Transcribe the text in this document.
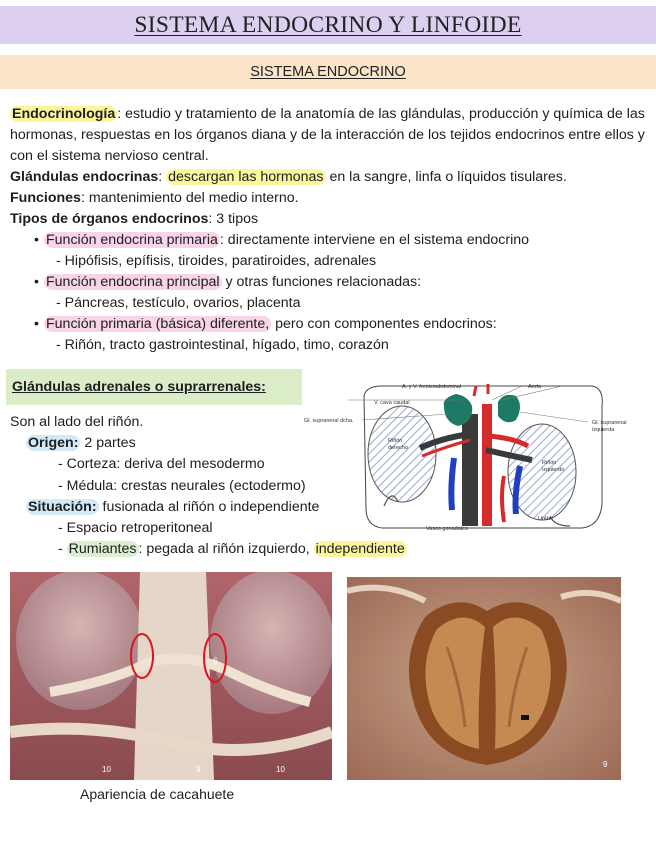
SISTEMA ENDOCRINO Y LINFOIDE
SISTEMA ENDOCRINO

Endocrinología : estudio y tratamiento de la anatomía de las glándulas, producción y química de las hormonas, respuestas en los órganos diana y de la interacción de los tejidos endocrinos entre ellos y con el sistema nervioso central.

Glándulas endocrinas: descargan las hormonas en la sangre, linfa o líquidos tisulares.

Funciones: mantenimiento del medio interno.

Tipos de órganos endocrinos: 3 tipos

• Función endocrina primaria : directamente interviene en el sistema endocrino

- Hipófisis, epífisis, tiroides, paratiroides, adrenales

• Función endocrina principal y otras funciones relacionadas:

- Páncreas, testículo, ovarios, placenta

• Función primaria (básica) diferente, pero con componentes endocrinos:

- Riñón, tracto gastrointestinal, hígado, timo, corazón

Glándulas adrenales o suprarrenales:

Son al lado del riñón.

Origen: 2 partes

- Corteza: deriva del mesodermo

- Médula: crestas neurales (ectodermo)

Situación: fusionada al riñón o independiente

- Espacio retroperitoneal

- Rumiantes : pegada al riñón izquierdo, independiente

V. cava caudal
A. y V. frenicoabdominal	Aorta
Gl. suprarenal dcha.	Gl. suprarenal
izquierda
Riñón
derecho
Riñón
izquierdo
Uréter
Vasos gonadales
6
10	9	10
9
Apariencia de cacahuete
